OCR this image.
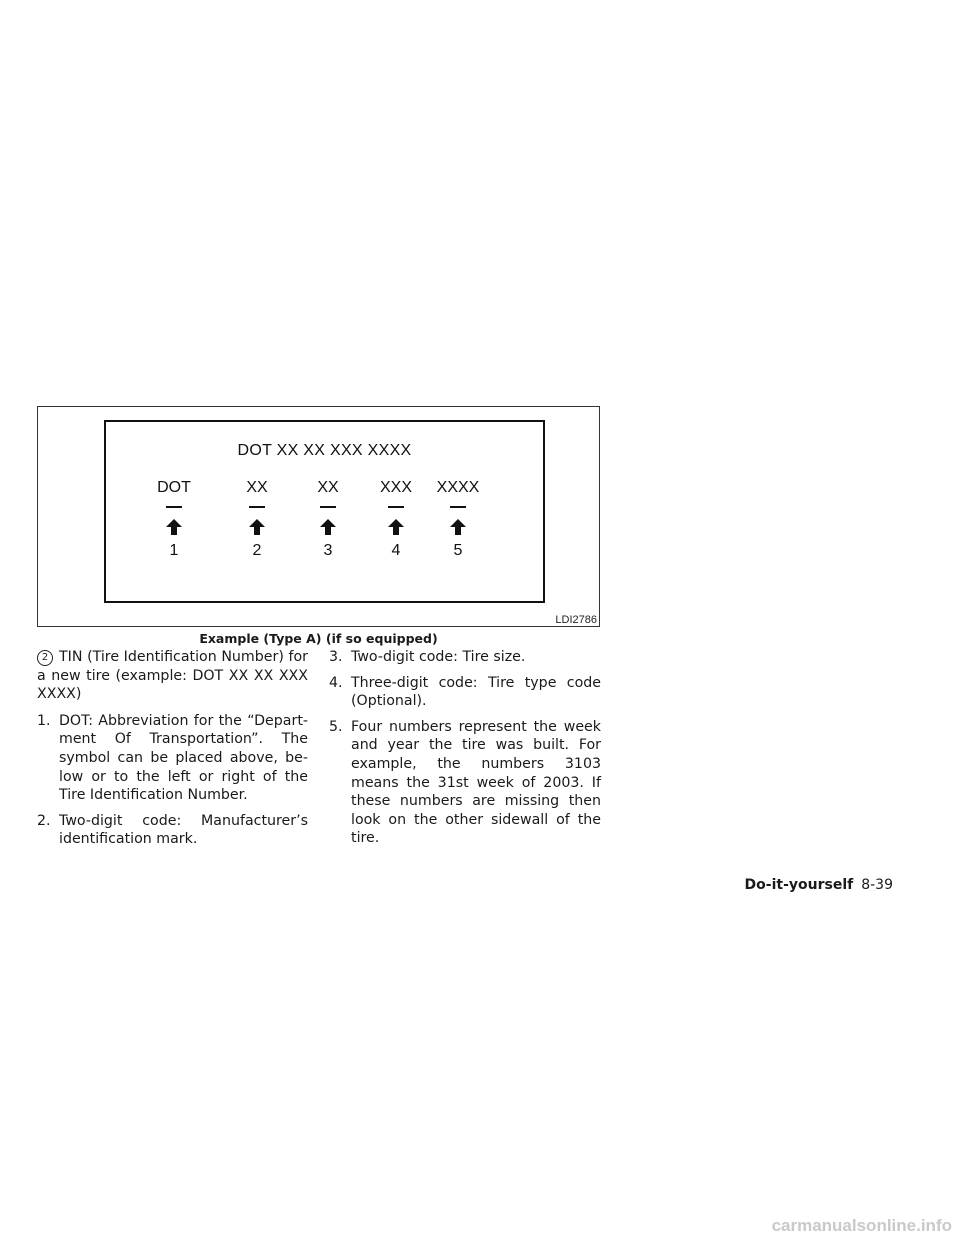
DOT XX XX XXX XXXX
DOT
1
XX
2
XX
3
XXX
4
XXXX
5
LDI2786
Example (Type A) (if so equipped)

2 TIN (Tire Identification Number) for a new tire (example: DOT XX XX XXX XXXX)

1. DOT: Abbreviation for the “Depart-ment Of Transportation”. The symbol can be placed above, be-low or to the left or right of the Tire Identification Number.

2. Two-digit code: Manufacturer’s identification mark.

3. Two-digit code: Tire size.

4. Three-digit code: Tire type code (Optional).

5. Four numbers represent the week and year the tire was built. For example, the numbers 3103 means the 31st week of 2003. If these numbers are missing then look on the other sidewall of the tire.

Do-it-yourself 8-39
carmanualsonline.info
